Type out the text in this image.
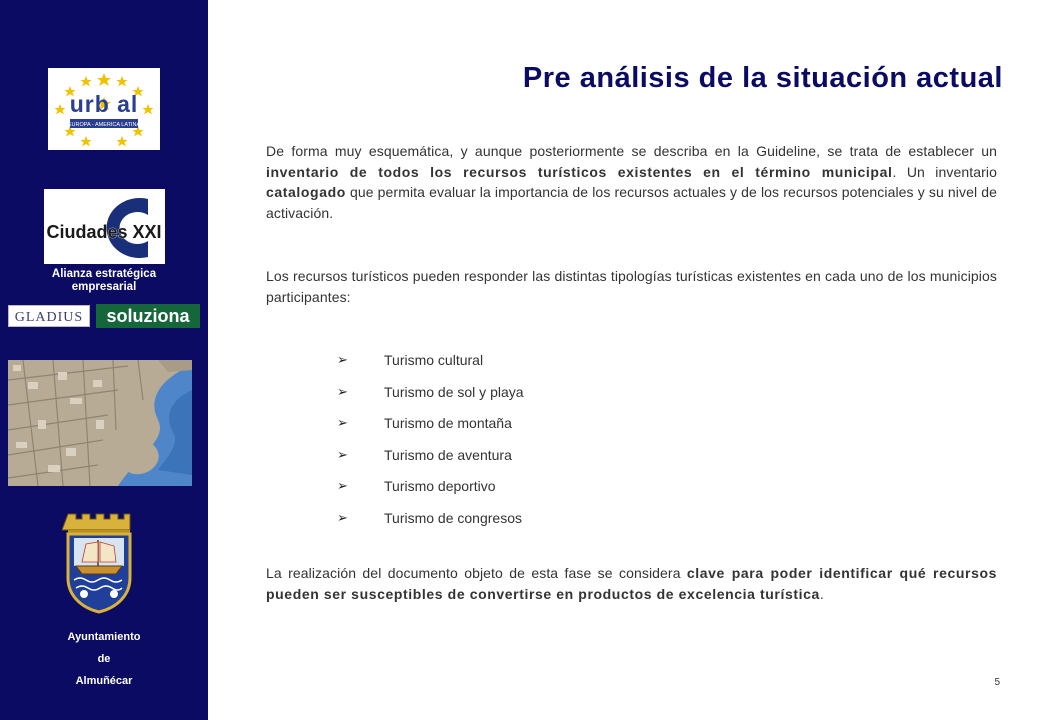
urb al
EUROPA - AMERICA LATINA
Ciudades XXI
Alianza estratégica empresarial
GLADIUS soluziona
Ayuntamiento
de
Almuñécar
Pre análisis de la situación actual

De forma muy esquemática, y aunque posteriormente se describa en la Guideline, se trata de establecer un inventario de todos los recursos turísticos existentes en el término municipal. Un inventario catalogado que permita evaluar la importancia de los recursos actuales y de los recursos potenciales y su nivel de activación.

Los recursos turísticos pueden responder las distintas tipologías turísticas existentes en cada uno de los municipios participantes:

➢	Turismo cultural
➢	Turismo de sol y playa
➢	Turismo de montaña
➢	Turismo de aventura
➢	Turismo deportivo
➢	Turismo de congresos

La realización del documento objeto de esta fase se considera clave para poder identificar qué recursos pueden ser susceptibles de convertirse en productos de excelencia turística.

5
